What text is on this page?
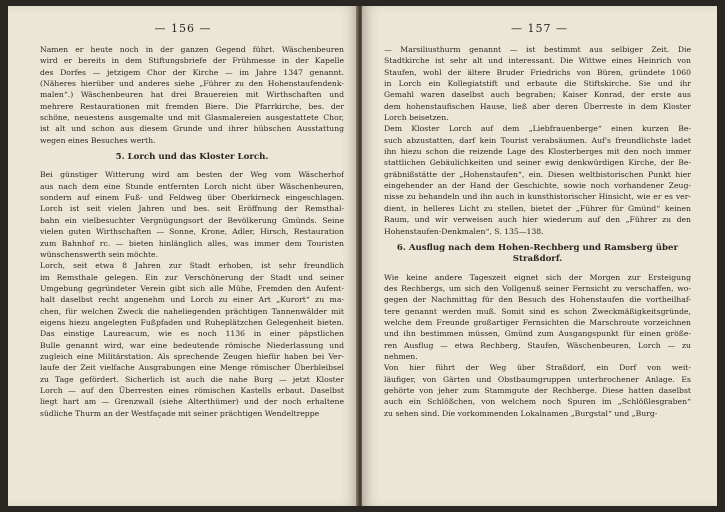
— 156 —
Namen er heute noch in der ganzen Gegend führt. Wäschenbeuren
wird er bereits in dem Stiftungsbriefe der Frühmesse in der Kapelle
des Dorfes — jetzigem Chor der Kirche — im Jahre 1347 genannt.
(Näheres hierüber und anderes siehe „Führer zu den Hohenstaufendenk-
malen“.) Wäschenbeuren hat drei Brauereien mit Wirthschaften und
mehrere Restaurationen mit fremden Biere. Die Pfarrkirche, bes. der
schöne, neuestens ausgemalte und mit Glasmalereien ausgestattete Chor,
ist alt und schon aus diesem Grunde und ihrer hübschen Ausstattung
wegen eines Besuches werth.
5. Lorch und das Kloster Lorch.
Bei günstiger Witterung wird am besten der Weg vom Wäscherhof
aus nach dem eine Stunde entfernten Lorch nicht über Wäschenbeuren,
sondern auf einem Fuß- und Feldweg über Oberkirneck eingeschlagen.
Lorch ist seit vielen Jahren und bes. seit Eröffnung der Remsthal-
bahn ein vielbesuchter Vergnügungsort der Bevölkerung Gmünds. Seine
vielen guten Wirthschaften — Sonne, Krone, Adler, Hirsch, Restauration
zum Bahnhof rc. — bieten hinlänglich alles, was immer dem Touristen
wünschenswerth sein möchte.
Lorch, seit etwa 8 Jahren zur Stadt erhoben, ist sehr freundlich
im Remsthale gelegen. Ein zur Verschönerung der Stadt und seiner
Umgebung gegründeter Verein gibt sich alle Mühe, Fremden den Aufent-
halt daselbst recht angenehm und Lorch zu einer Art „Kurort“ zu ma-
chen, für welchen Zweck die naheliegenden prächtigen Tannenwälder mit
eigens hiezu angelegten Fußpfaden und Ruheplätzchen Gelegenheit bieten.
Das einstige Laureacum, wie es noch 1136 in einer päpstlichen
Bulle genannt wird, war eine bedeutende römische Niederlassung und
zugleich eine Militärstation. Als sprechende Zeugen hiefür haben bei Ver-
laufe der Zeit vielfache Ausgrabungen eine Menge römischer Überbleibsel
zu Tage gefördert. Sicherlich ist auch die nahe Burg — jetzt Kloster
Lorch — auf den Überresten eines römischen Kastells erbaut. Daselbst
liegt hart am — Grenzwall (siehe Alterthümer) und der noch erhaltene
südliche Thurm an der Westfaçade mit seiner prächtigen Wendeltreppe
— 157 —
— Marsiliusthurm genannt — ist bestimmt aus selbiger Zeit. Die
Stadtkirche ist sehr alt und interessant. Die Wittwe eines Heinrich von
Staufen, wohl der ältere Bruder Friedrichs von Büren, gründete 1060
in Lorch ein Kollegiatstift und erbaute die Stiftskirche. Sie und ihr
Gemahl waren daselbst auch begraben; Kaiser Konrad, der erste aus
dem hohenstaufischen Hause, ließ aber deren Überreste in dem Kloster
Lorch beisetzen.
Dem Kloster Lorch auf dem „Liebfrauenberge“ einen kurzen Be-
such abzustatten, darf kein Tourist verabsäumen. Auf's freundlichste ladet
ihn hiezu schon die reizende Lage des Klosterberges mit den noch immer
stattlichen Gebäulichkeiten und seiner ewig denkwürdigen Kirche, der Be-
gräbnißstätte der „Hohenstaufen“, ein. Diesen weltbistorischen Punkt hier
eingehender an der Hand der Geschichte, sowie noch vorhandener Zeug-
nisse zu behandeln und ihn auch in kunsthistorischer Hinsicht, wie er es ver-
dient, in helleres Licht zu stellen, bietet der „Führer für Gmünd“ keinen
Raum, und wir verweisen auch hier wiederum auf den „Führer zu den
Hohenstaufen-Denkmalen“, S. 135—138.
6. Ausflug nach dem Hohen-Rechberg und Ramsberg über
Straßdorf.
Wie keine andere Tageszeit eignet sich der Morgen zur Ersteigung
des Rechbergs, um sich den Vollgenuß seiner Fernsicht zu verschaffen, wo-
gegen der Nachmittag für den Besuch des Hohenstaufen die vortheilhaf-
tere genannt werden muß. Somit sind es schon Zweckmäßigkeitsgründe,
welche dem Freunde großartiger Fernsichten die Marschroute vorzeichnen
und ihn bestimmen müssen, Gmünd zum Ausgangspunkt für einen größe-
ren Ausflug — etwa Rechberg, Staufen, Wäschenbeuren, Lorch — zu
nehmen.
Von hier führt der Weg über Straßdorf, ein Dorf von weit-
läufiger, von Gärten und Obstbaumgruppen unterbrochener Anlage. Es
gehörte von jeher zum Stammgute der Rechberge. Diese hatten daselbst
auch ein Schlößchen, von welchem noch Spuren im „Schlößlesgraben“
zu sehen sind. Die vorkommenden Lokalnamen „Burgstal“ und „Burg-
